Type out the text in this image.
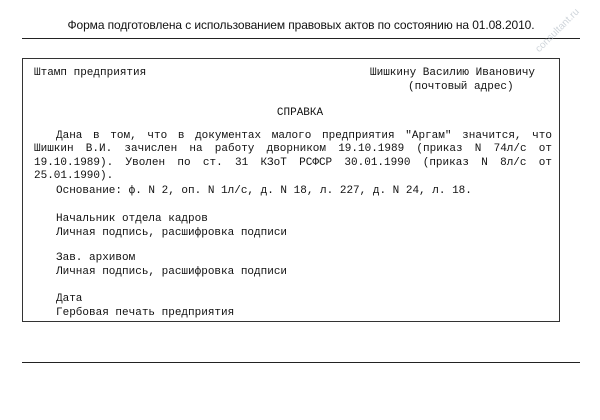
Форма подготовлена с использованием правовых актов по состоянию на 01.08.2010.
Штамп предприятия	Шишкину Василию Ивановичу
(почтовый адрес)
СПРАВКА
Дана в том, что в документах малого предприятия "Аргам" значится, что Шишкин В.И. зачислен на работу дворником 19.10.1989 (приказ N 74л/с от 19.10.1989). Уволен по ст. 31 КЗоТ РСФСР 30.01.1990 (приказ N 8л/с от 25.01.1990).
Основание: ф. N 2, оп. N 1л/с, д. N 18, л. 227, д. N 24, л. 18.
Начальник отдела кадров
Личная подпись, расшифровка подписи
Зав. архивом
Личная подпись, расшифровка подписи
Дата
Гербовая печать предприятия
consultant.ru
